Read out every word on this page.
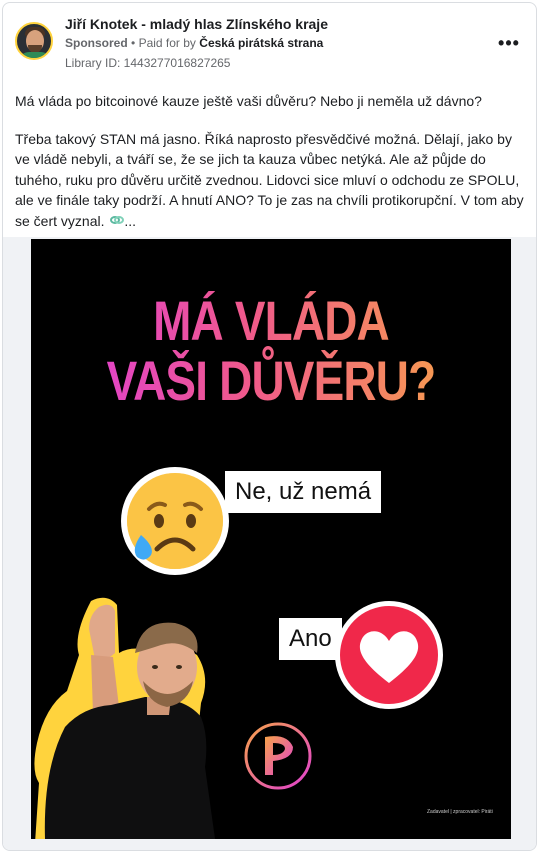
Jiří Knotek - mladý hlas Zlínského kraje
Sponsored • Paid for by Česká pirátská strana
Library ID: 1443277016827265
•••

Má vláda po bitcoinové kauze ještě vaši důvěru? Nebo ji neměla už dávno?

Třeba takový STAN má jasno. Říká naprosto přesvědčivé možná. Dělají, jako by ve vládě nebyli, a tváří se, že se jich ta kauza vůbec netýká. Ale až půjde do tuhého, ruku pro důvěru určitě zvednou. Lidovci sice mluví o odchodu ze SPOLU, ale ve finále taky podrží. A hnutí ANO? To je zas na chvíli protikorupční. V tom aby se čert vyznal. ...

MÁ VLÁDA
VAŠI DŮVĚRU?
Ne, už nemá
Ano
Zadavatel | zpracovatel: Piráti
